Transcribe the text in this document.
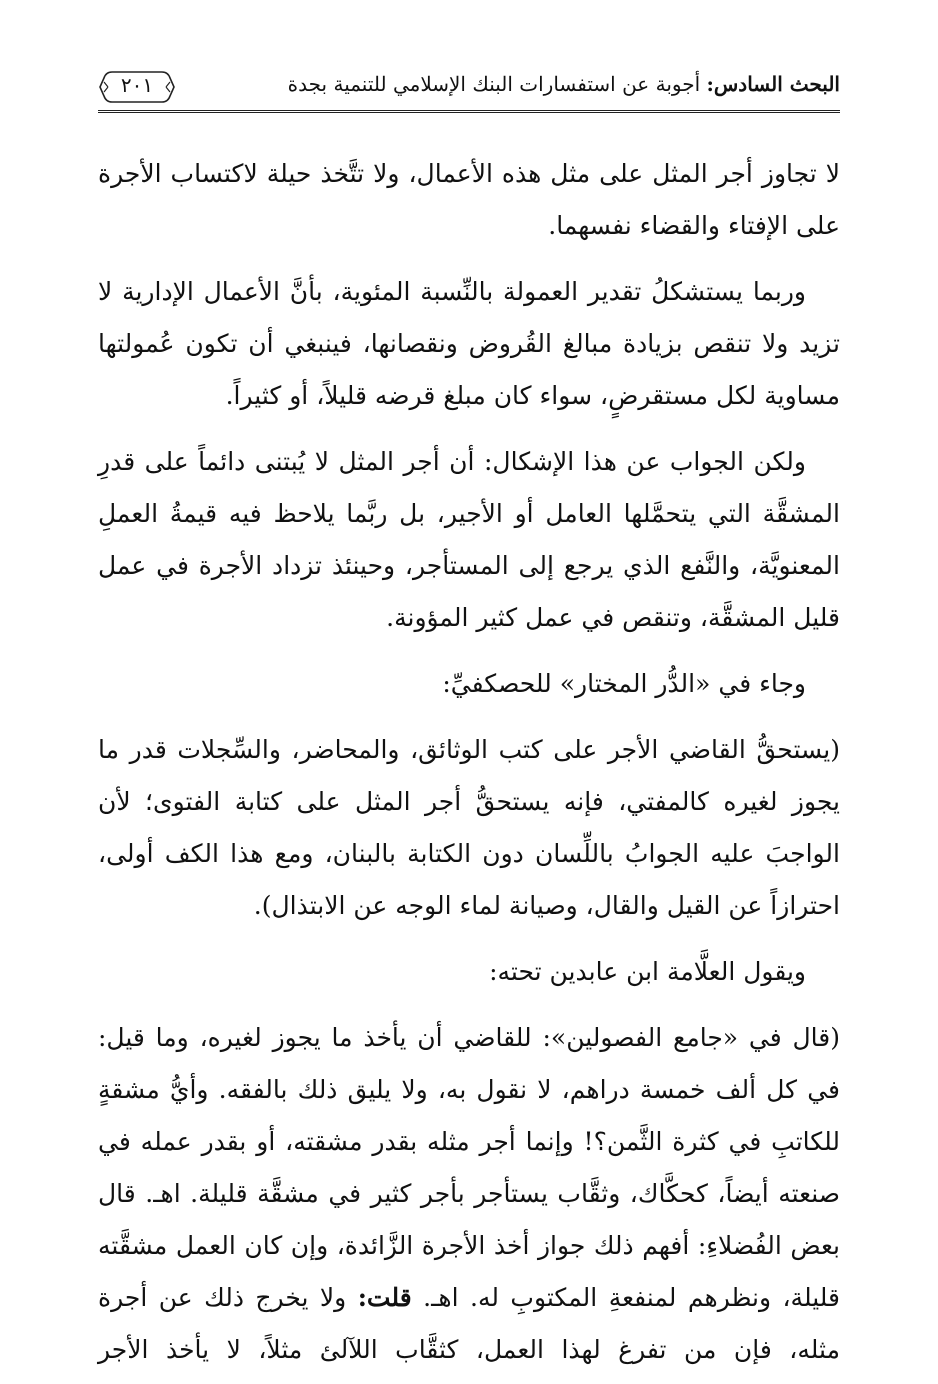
البحث السادس: أجوبة عن استفسارات البنك الإسلامي للتنمية بجدة
٢٠١

لا تجاوز أجر المثل على مثل هذه الأعمال، ولا تتَّخذ حيلة لاكتساب الأجرة على الإفتاء والقضاء نفسهما.

وربما يستشكلُ تقدير العمولة بالنِّسبة المئوية، بأنَّ الأعمال الإدارية لا تزيد ولا تنقص بزيادة مبالغ القُروض ونقصانها، فينبغي أن تكون عُمولتها مساوية لكل مستقرضٍ، سواء كان مبلغ قرضه قليلاً، أو كثيراً.

ولكن الجواب عن هذا الإشكال: أن أجر المثل لا يُبتنى دائماً على قدرِ المشقَّة التي يتحمَّلها العامل أو الأجير، بل ربَّما يلاحظ فيه قيمةُ العملِ المعنويَّة، والنَّفع الذي يرجع إلى المستأجر، وحينئذ تزداد الأجرة في عمل قليل المشقَّة، وتنقص في عمل كثير المؤونة.

وجاء في «الدُّر المختار» للحصكفيِّ:

(يستحقُّ القاضي الأجر على كتب الوثائق، والمحاضر، والسِّجلات قدر ما يجوز لغيره كالمفتي، فإنه يستحقُّ أجر المثل على كتابة الفتوى؛ لأن الواجبَ عليه الجوابُ باللِّسان دون الكتابة بالبنان، ومع هذا الكف أولى، احترازاً عن القيل والقال، وصيانة لماء الوجه عن الابتذال).

ويقول العلَّامة ابن عابدين تحته:

(قال في «جامع الفصولين»: للقاضي أن يأخذ ما يجوز لغيره، وما قيل: في كل ألف خمسة دراهم، لا نقول به، ولا يليق ذلك بالفقه. وأيُّ مشقةٍ للكاتبِ في كثرة الثَّمن؟! وإنما أجر مثله بقدر مشقته، أو بقدر عمله في صنعته أيضاً، كحكَّاك، وثقَّاب يستأجر بأجر كثير في مشقَّة قليلة. اهـ. قال بعض الفُضلاءِ: أفهم ذلك جواز أخذ الأجرة الزَّائدة، وإن كان العمل مشقَّته قليلة، ونظرهم لمنفعةِ المكتوبِ له. اهـ. قلت: ولا يخرج ذلك عن أجرة مثله، فإن من تفرغ لهذا العمل، كثقَّاب اللآلئ مثلاً، لا يأخذ الأجر
